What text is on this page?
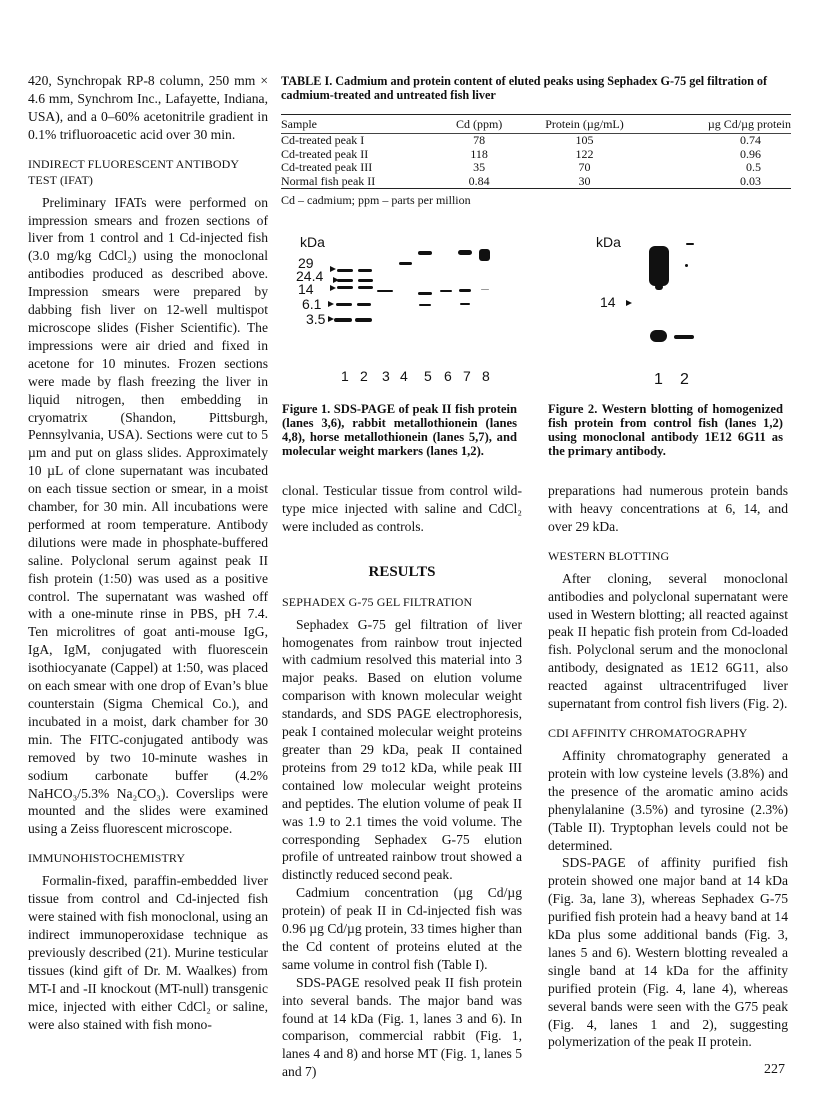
420, Synchropak RP-8 column, 250 mm × 4.6 mm, Synchrom Inc., Lafayette, Indiana, USA), and a 0–60% acetonitrile gradient in 0.1% trifluoroacetic acid over 30 min.

INDIRECT FLUORESCENT ANTIBODY TEST (IFAT)

Preliminary IFATs were performed on impression smears and frozen sections of liver from 1 control and 1 Cd-injected fish (3.0 mg/kg CdCl₂) using the monoclonal antibodies produced as described above. Impression smears were prepared by dabbing fish liver on 12-well multispot microscope slides (Fisher Scientific). The impressions were air dried and fixed in acetone for 10 minutes. Frozen sections were made by flash freezing the liver in liquid nitrogen, then embedding in cryomatrix (Shandon, Pittsburgh, Pennsylvania, USA). Sections were cut to 5 µm and put on glass slides. Approximately 10 µL of clone supernatant was incubated on each tissue section or smear, in a moist chamber, for 30 min. All incubations were performed at room temperature. Antibody dilutions were made in phosphate-buffered saline. Polyclonal serum against peak II fish protein (1:50) was used as a positive control. The supernatant was washed off with a one-minute rinse in PBS, pH 7.4. Ten microlitres of goat anti-mouse IgG, IgA, IgM, conjugated with fluorescein isothiocyanate (Cappel) at 1:50, was placed on each smear with one drop of Evan’s blue counterstain (Sigma Chemical Co.), and incubated in a moist, dark chamber for 30 min. The FITC-conjugated antibody was removed by two 10-minute washes in sodium carbonate buffer (4.2% NaHCO₃/5.3% Na₂CO₃). Coverslips were mounted and the slides were examined using a Zeiss fluorescent microscope.

IMMUNOHISTOCHEMISTRY

Formalin-fixed, paraffin-embedded liver tissue from control and Cd-injected fish were stained with fish monoclonal, using an indirect immunoperoxidase technique as previously described (21). Murine testicular tissues (kind gift of Dr. M. Waalkes) from MT-I and -II knockout (MT-null) transgenic mice, injected with either CdCl₂ or saline, were also stained with fish mono-

TABLE I. Cadmium and protein content of eluted peaks using Sephadex G-75 gel filtration of cadmium-treated and untreated fish liver
Sample	Cd (ppm)	Protein (µg/mL)	µg Cd/µg protein
Cd-treated peak I	78	105	0.74
Cd-treated peak II	118	122	0.96
Cd-treated peak III	35	70	0.5
Normal fish peak II	0.84	30	0.03
Cd – cadmium; ppm – parts per million
kDa
29
24.4
14
6.1
3.5
1 2 3 4 5 6 7 8
Figure 1. SDS-PAGE of peak II fish protein (lanes 3,6), rabbit metallothionein (lanes 4,8), horse metallothionein (lanes 5,7), and molecular weight markers (lanes 1,2).
kDa
14
1 2
Figure 2. Western blotting of homogenized fish protein from control fish (lanes 1,2) using monoclonal antibody 1E12 6G11 as the primary antibody.

clonal. Testicular tissue from control wild-type mice injected with saline and CdCl₂ were included as controls.

RESULTS
SEPHADEX G-75 GEL FILTRATION

Sephadex G-75 gel filtration of liver homogenates from rainbow trout injected with cadmium resolved this material into 3 major peaks. Based on elution volume comparison with known molecular weight standards, and SDS PAGE electrophoresis, peak I contained molecular weight proteins greater than 29 kDa, peak II contained proteins from 29 to12 kDa, while peak III contained low molecular weight proteins and peptides. The elution volume of peak II was 1.9 to 2.1 times the void volume. The corresponding Sephadex G-75 elution profile of untreated rainbow trout showed a distinctly reduced second peak.

Cadmium concentration (µg Cd/µg protein) of peak II in Cd-injected fish was 0.96 µg Cd/µg protein, 33 times higher than the Cd content of proteins eluted at the same volume in control fish (Table I).

SDS-PAGE resolved peak II fish protein into several bands. The major band was found at 14 kDa (Fig. 1, lanes 3 and 6). In comparison, commercial rabbit (Fig. 1, lanes 4 and 8) and horse MT (Fig. 1, lanes 5 and 7)

preparations had numerous protein bands with heavy concentrations at 6, 14, and over 29 kDa.

WESTERN BLOTTING

After cloning, several monoclonal antibodies and polyclonal supernatant were used in Western blotting; all reacted against peak II hepatic fish protein from Cd-loaded fish. Polyclonal serum and the monoclonal antibody, designated as 1E12 6G11, also reacted against ultracentrifuged liver supernatant from control fish livers (Fig. 2).

CDI AFFINITY CHROMATOGRAPHY

Affinity chromatography generated a protein with low cysteine levels (3.8%) and the presence of the aromatic amino acids phenylalanine (3.5%) and tyrosine (2.3%) (Table II). Tryptophan levels could not be determined.

SDS-PAGE of affinity purified fish protein showed one major band at 14 kDa (Fig. 3a, lane 3), whereas Sephadex G-75 purified fish protein had a heavy band at 14 kDa plus some additional bands (Fig. 3, lanes 5 and 6). Western blotting revealed a single band at 14 kDa for the affinity purified protein (Fig. 4, lane 4), whereas several bands were seen with the G75 peak (Fig. 4, lanes 1 and 2), suggesting polymerization of the peak II protein.

227
